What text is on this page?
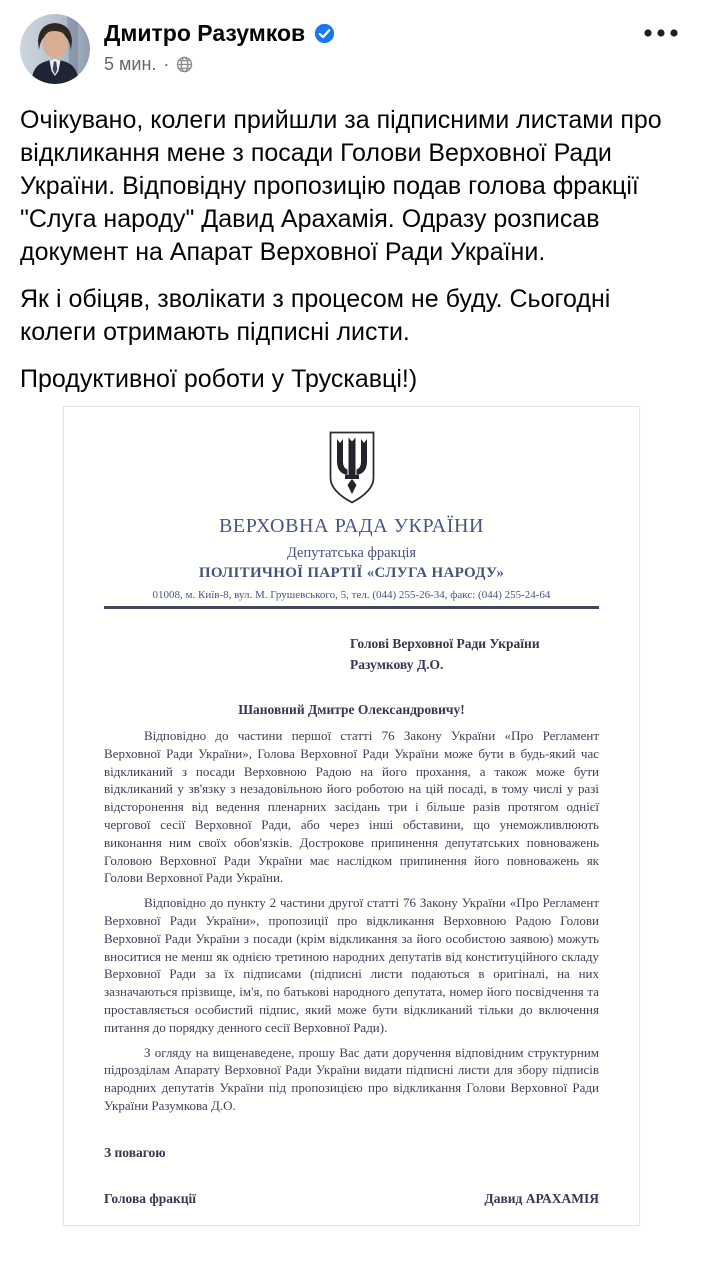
Дмитро Разумков
5 мин. ·

Очікувано, колеги прийшли за підписними листами про відкликання мене з посади Голови Верховної Ради України. Відповідну пропозицію подав голова фракції "Слуга народу" Давид Арахамія. Одразу розписав документ на Апарат Верховної Ради України.

Як і обіцяв, зволікати з процесом не буду. Сьогодні колеги отримають підписні листи.

Продуктивної роботи у Трускавці!)

ВЕРХОВНА РАДА УКРАЇНИ
Депутатська фракція
ПОЛІТИЧНОЇ ПАРТІЇ «СЛУГА НАРОДУ»
01008, м. Київ-8, вул. М. Грушевського, 5, тел. (044) 255-26-34, факс: (044) 255-24-64
Голові Верховної Ради України
Разумкову Д.О.
Шановний Дмитре Олександровичу!

Відповідно до частини першої статті 76 Закону України «Про Регламент Верховної Ради України», Голова Верховної Ради України може бути в будь-який час відкликаний з посади Верховною Радою на його прохання, а також може бути відкликаний у зв'язку з незадовільною його роботою на цій посаді, в тому числі у разі відсторонення від ведення пленарних засідань три і більше разів протягом однієї чергової сесії Верховної Ради, або через інші обставини, що унеможливлюють виконання ним своїх обов'язків. Дострокове припинення депутатських повноважень Головою Верховної Ради України має наслідком припинення його повноважень як Голови Верховної Ради України.

Відповідно до пункту 2 частини другої статті 76 Закону України «Про Регламент Верховної Ради України», пропозиції про відкликання Верховною Радою Голови Верховної Ради України з посади (крім відкликання за його особистою заявою) можуть вноситися не менш як однією третиною народних депутатів від конституційного складу Верховної Ради за їх підписами (підписні листи подаються в оригіналі, на них зазначаються прізвище, ім'я, по батькові народного депутата, номер його посвідчення та проставляється особистий підпис, який може бути відкликаний тільки до включення питання до порядку денного сесії Верховної Ради).

З огляду на вищенаведене, прошу Вас дати доручення відповідним структурним підрозділам Апарату Верховної Ради України видати підписні листи для збору підписів народних депутатів України під пропозицією про відкликання Голови Верховної Ради України Разумкова Д.О.

З повагою
Голова фракції	Давид АРАХАМІЯ
